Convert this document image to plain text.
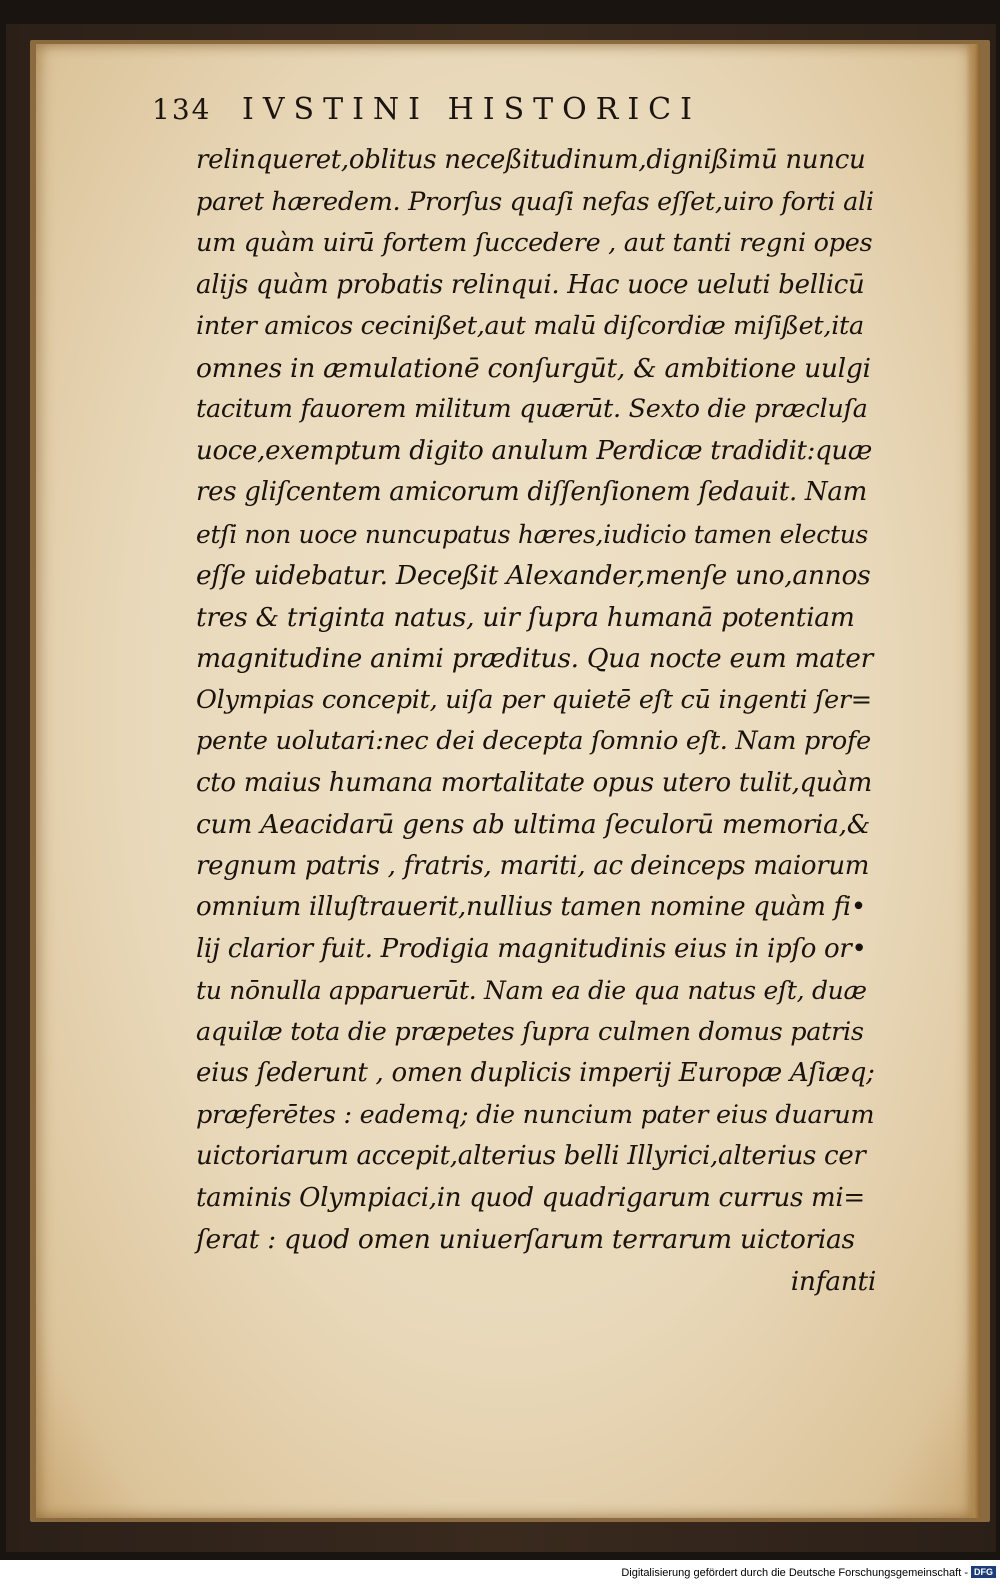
134 IVSTINI HISTORICI
relinqueret,oblitus neceßitudinum,dignißimū nuncu
paret hæredem. Prorſus quaſi nefas eſſet,uiro forti ali
um quàm uirū fortem ſuccedere , aut tanti regni opes
alijs quàm probatis relinqui. Hac uoce ueluti bellicū
inter amicos cecinißet,aut malū diſcordiæ miſißet,ita
omnes in æmulationē conſurgūt, & ambitione uulgi
tacitum fauorem militum quærūt. Sexto die præcluſa
uoce,exemptum digito anulum Perdicæ tradidit:quæ
res gliſcentem amicorum diſſenſionem ſedauit. Nam
etſi non uoce nuncupatus hæres,iudicio tamen electus
eſſe uidebatur. Deceßit Alexander,menſe uno,annos
tres & triginta natus, uir ſupra humanā potentiam
magnitudine animi præditus. Qua nocte eum mater
Olympias concepit, uiſa per quietē eſt cū ingenti ſer=
pente uolutari:nec dei decepta ſomnio eſt. Nam profe
cto maius humana mortalitate opus utero tulit,quàm
cum Aeacidarū gens ab ultima ſeculorū memoria,&
regnum patris , fratris, mariti, ac deinceps maiorum
omnium illuſtrauerit,nullius tamen nomine quàm fi•
lij clarior fuit. Prodigia magnitudinis eius in ipſo or•
tu nōnulla apparuerūt. Nam ea die qua natus eſt, duæ
aquilæ tota die præpetes ſupra culmen domus patris
eius ſederunt , omen duplicis imperij Europæ Aſiæq;
præferētes : eademq; die nuncium pater eius duarum
uictoriarum accepit,alterius belli Illyrici,alterius cer
taminis Olympiaci,in quod quadrigarum currus mi=
ſerat : quod omen uniuerſarum terrarum uictorias
infanti
Digitalisierung gefördert durch die Deutsche Forschungsgemeinschaft - DFG
